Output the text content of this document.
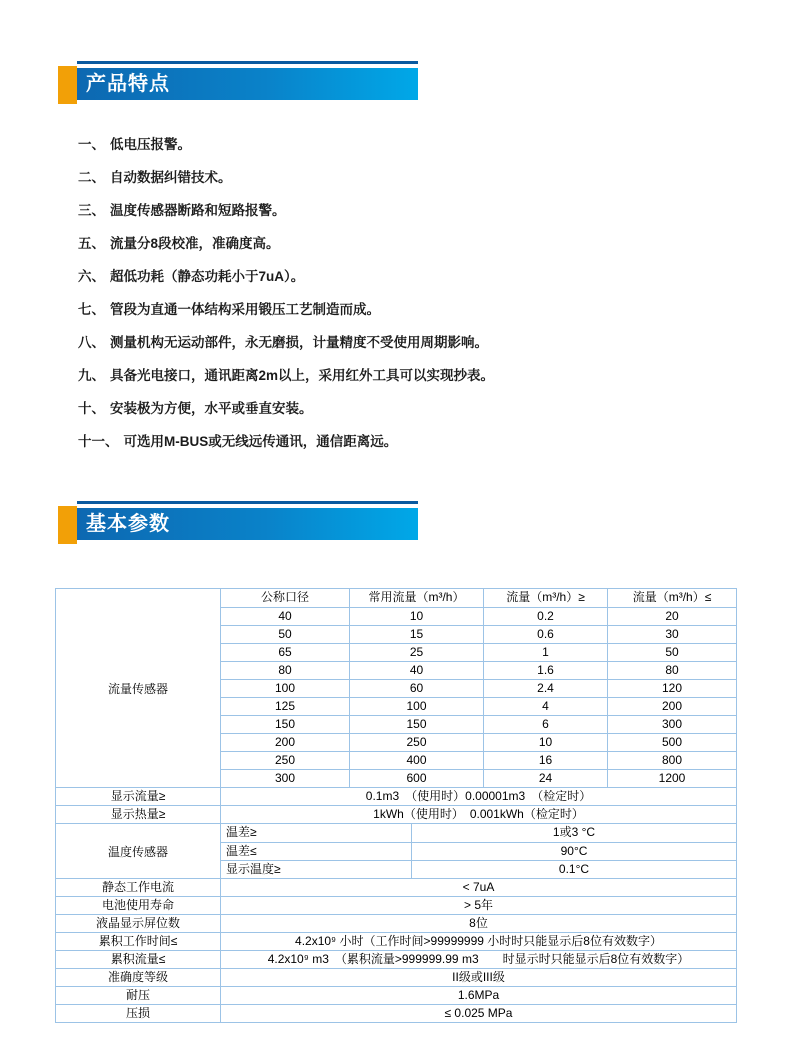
产品特点
一、 低电压报警。
二、 自动数据纠错技术。
三、 温度传感器断路和短路报警。
五、 流量分8段校准，准确度高。
六、 超低功耗（静态功耗小于7uA）。
七、 管段为直通一体结构采用锻压工艺制造而成。
八、 测量机构无运动部件，永无磨损，计量精度不受使用周期影响。
九、 具备光电接口，通讯距离2m以上，采用红外工具可以实现抄表。
十、 安装极为方便，水平或垂直安装。
十一、 可选用M-BUS或无线远传通讯，通信距离远。
基本参数
流量传感器
公称口径	常用流量（m³/h）	流量（m³/h）≥	流量（m³/h）≤
40	10	0.2	20
50	15	0.6	30
65	25	1	50
80	40	1.6	80
100	60	2.4	120
125	100	4	200
150	150	6	300
200	250	10	500
250	400	16	800
300	600	24	1200
显示流量≥	0.1m3　（使用时）0.00001m3　（检定时）
显示热量≥	1kWh（使用时）　0.001kWh（检定时）
温度传感器
温差≥	1或3 °C
温差≤	90°C
显示温度≥	0.1°C
静态工作电流	< 7uA
电池使用寿命	> 5年
液晶显示屏位数	8位
累积工作时间≤	4.2x10⁹ 小时（工作时间>99999999 小时时只能显示后8位有效数字）
累积流量≤	4.2x10⁹ m3　（累积流量>999999.99 m3　　时显示时只能显示后8位有效数字）
准确度等级	II级或III级
耐压	1.6MPa
压损	≤ 0.025 MPa
